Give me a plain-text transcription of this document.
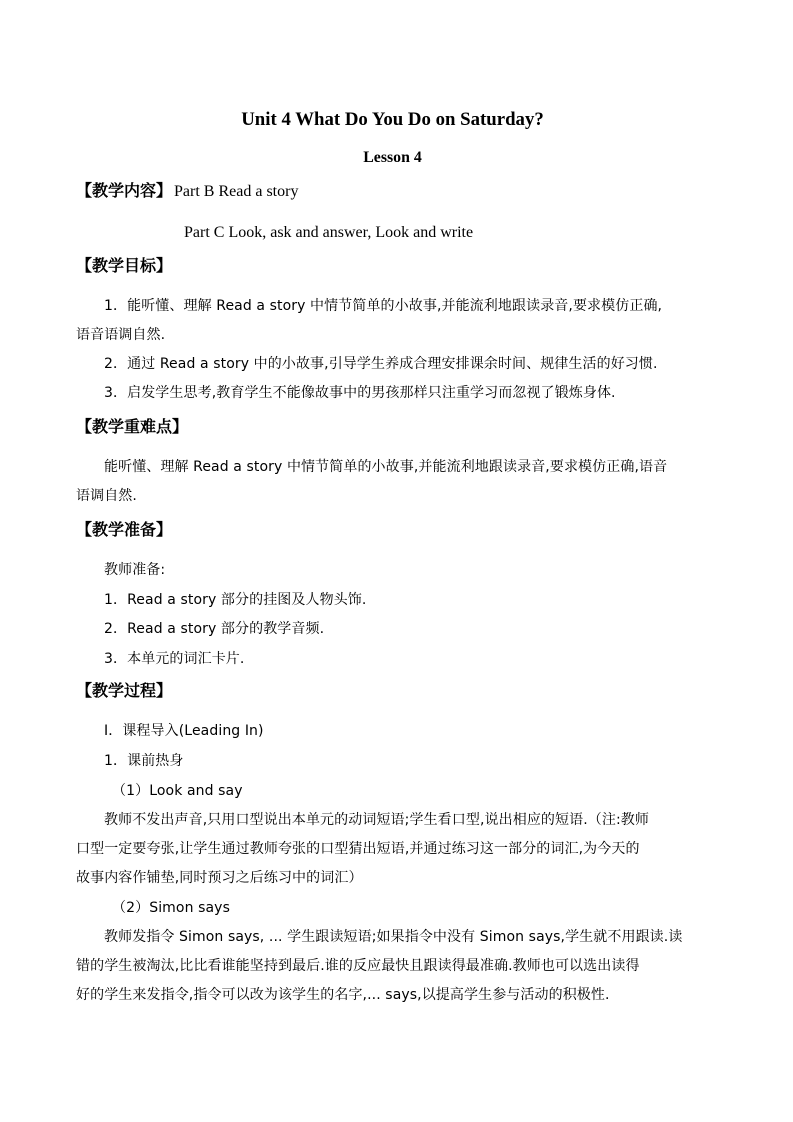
Unit 4 What Do You Do on Saturday?
Lesson 4
【教学内容】 Part B Read a story
Part C Look, ask and answer, Look and write
【教学目标】
1．能听懂、理解 Read a story 中情节简单的小故事,并能流利地跟读录音,要求模仿正确,
语音语调自然.
2．通过 Read a story 中的小故事,引导学生养成合理安排课余时间、规律生活的好习惯.
3．启发学生思考,教育学生不能像故事中的男孩那样只注重学习而忽视了锻炼身体.
【教学重难点】
能听懂、理解 Read a story 中情节简单的小故事,并能流利地跟读录音,要求模仿正确,语音
语调自然.
【教学准备】
教师准备:
1．Read a story 部分的挂图及人物头饰.
2．Read a story 部分的教学音频.
3．本单元的词汇卡片.
【教学过程】
Ⅰ．课程导入(Leading In)
1．课前热身
（1）Look and say
教师不发出声音,只用口型说出本单元的动词短语;学生看口型,说出相应的短语.（注:教师
口型一定要夸张,让学生通过教师夸张的口型猜出短语,并通过练习这一部分的词汇,为今天的
故事内容作铺垫,同时预习之后练习中的词汇）
（2）Simon says
教师发指令 Simon says, ... 学生跟读短语;如果指令中没有 Simon says,学生就不用跟读.读
错的学生被淘汰,比比看谁能坚持到最后.谁的反应最快且跟读得最准确.教师也可以选出读得
好的学生来发指令,指令可以改为该学生的名字,... says,以提高学生参与活动的积极性.
